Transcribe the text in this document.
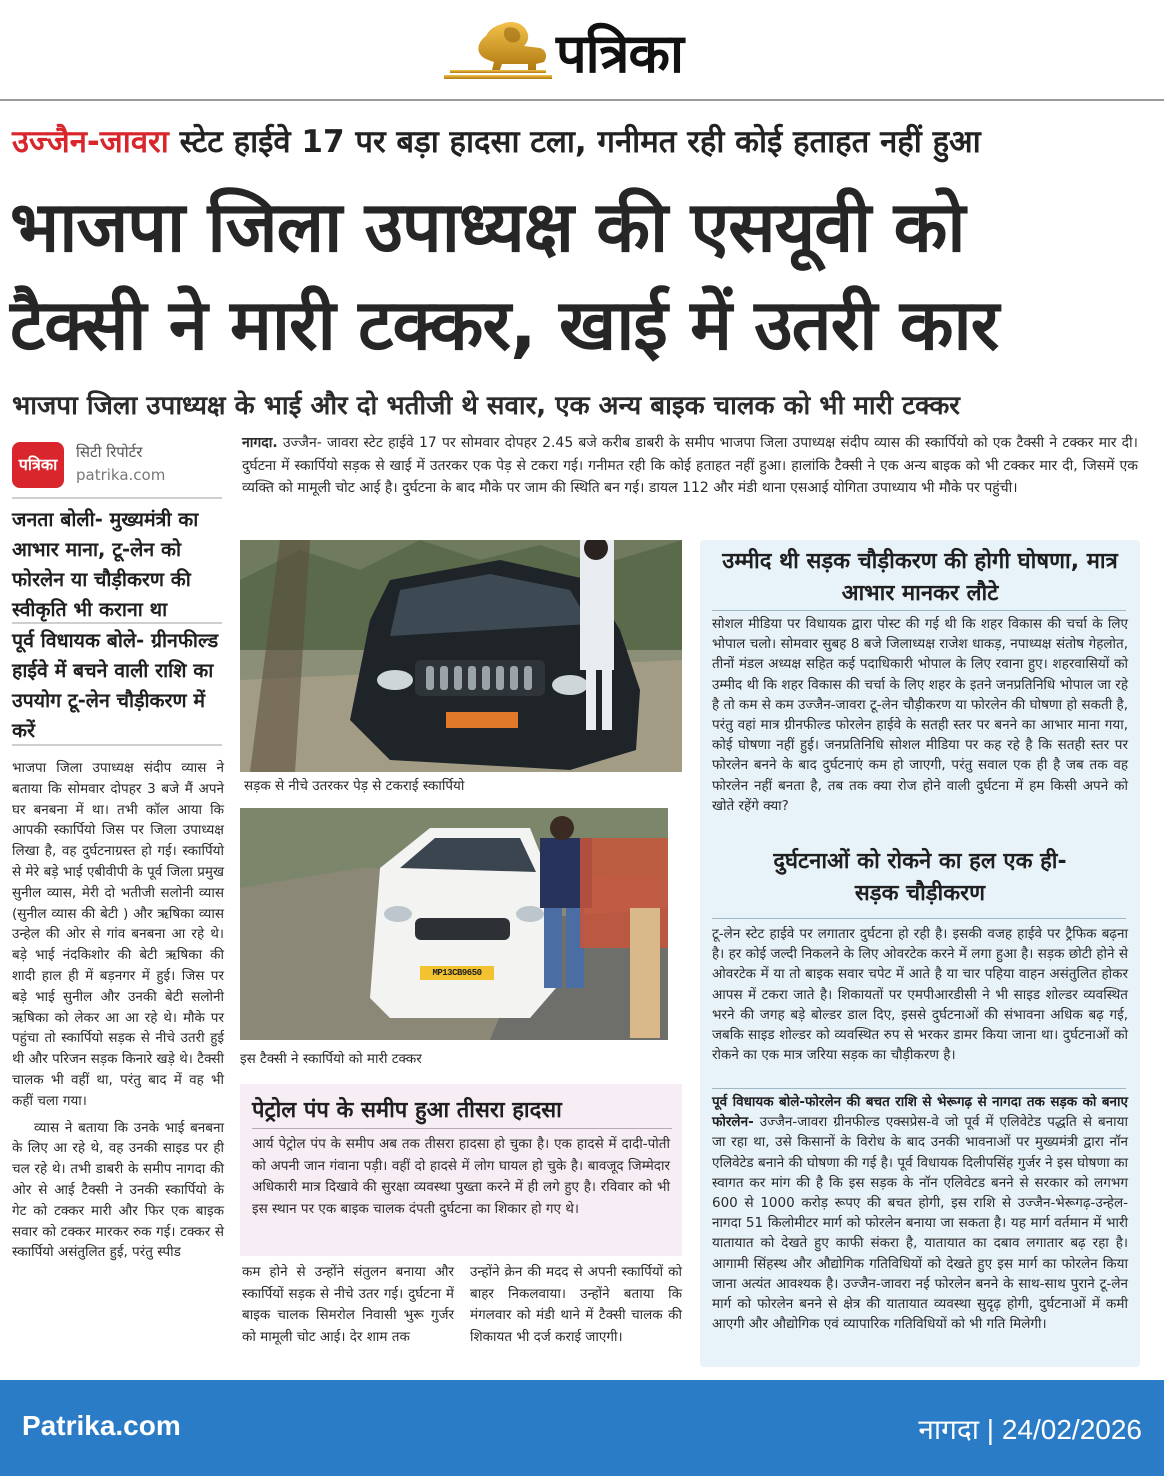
पत्रिका
उज्जैन-जावरा स्टेट हाईवे 17 पर बड़ा हादसा टला, गनीमत रही कोई हताहत नहीं हुआ
भाजपा जिला उपाध्यक्ष की एसयूवी को
टैक्सी ने मारी टक्कर, खाई में उतरी कार
भाजपा जिला उपाध्यक्ष के भाई और दो भतीजी थे सवार, एक अन्य बाइक चालक को भी मारी टक्कर
पत्रिका
सिटी रिपोर्टर
patrika.com
जनता बोली- मुख्यमंत्री का आभार माना, टू-लेन को फोरलेन या चौड़ीकरण की स्वीकृति भी कराना था
पूर्व विधायक बोले- ग्रीनफील्ड हाईवे में बचने वाली राशि का उपयोग टू-लेन चौड़ीकरण में करें
नागदा. उज्जैन- जावरा स्टेट हाईवे 17 पर सोमवार दोपहर 2.45 बजे करीब डाबरी के समीप भाजपा जिला उपाध्यक्ष संदीप व्यास की स्कार्पियो को एक टैक्सी ने टक्कर मार दी। दुर्घटना में स्कार्पियो सड़क से खाई में उतरकर एक पेड़ से टकरा गई। गनीमत रही कि कोई हताहत नहीं हुआ। हालांकि टैक्सी ने एक अन्य बाइक को भी टक्कर मार दी, जिसमें एक व्यक्ति को मामूली चोट आई है। दुर्घटना के बाद मौके पर जाम की स्थिति बन गई। डायल 112 और मंडी थाना एसआई योगिता उपाध्याय भी मौके पर पहुंची।

भाजपा जिला उपाध्यक्ष संदीप व्यास ने बताया कि सोमवार दोपहर 3 बजे मैं अपने घर बनबना में था। तभी कॉल आया कि आपकी स्कार्पियो जिस पर जिला उपाध्यक्ष लिखा है, वह दुर्घटनाग्रस्त हो गई। स्कार्पियो से मेरे बड़े भाई एबीवीपी के पूर्व जिला प्रमुख सुनील व्यास, मेरी दो भतीजी सलोनी व्यास (सुनील व्यास की बेटी ) और ऋषिका व्यास उन्हेल की ओर से गांव बनबना आ रहे थे। बड़े भाई नंदकिशोर की बेटी ऋषिका की शादी हाल ही में बड़नगर में हुई। जिस पर बड़े भाई सुनील और उनकी बेटी सलोनी ऋषिका को लेकर आ आ रहे थे। मौके पर पहुंचा तो स्कार्पियो सड़क से नीचे उतरी हुई थी और परिजन सड़क किनारे खड़े थे। टैक्सी चालक भी वहीं था, परंतु बाद में वह भी कहीं चला गया।

व्यास ने बताया कि उनके भाई बनबना के लिए आ रहे थे, वह उनकी साइड पर ही चल रहे थे। तभी डाबरी के समीप नागदा की ओर से आई टैक्सी ने उनकी स्कार्पियो के गेट को टक्कर मारी और फिर एक बाइक सवार को टक्कर मारकर रुक गई। टक्कर से स्कार्पियो असंतुलित हुई, परंतु स्पीड

सड़क से नीचे उतरकर पेड़ से टकराई स्कार्पियो
MP13CB9650
इस टैक्सी ने स्कार्पियो को मारी टक्कर
पेट्रोल पंप के समीप हुआ तीसरा हादसा
आर्य पेट्रोल पंप के समीप अब तक तीसरा हादसा हो चुका है। एक हादसे में दादी-पोती को अपनी जान गंवाना पड़ी। वहीं दो हादसे में लोग घायल हो चुके है। बावजूद जिम्मेदार अधिकारी मात्र दिखावे की सुरक्षा व्यवस्था पुख्ता करने में ही लगे हुए है। रविवार को भी इस स्थान पर एक बाइक चालक दंपती दुर्घटना का शिकार हो गए थे।
कम होने से उन्होंने संतुलन बनाया और स्कार्पियों सड़क से नीचे उतर गई। दुर्घटना में बाइक चालक सिमरोल निवासी भुरू गुर्जर को मामूली चोट आई। देर शाम तक
उन्होंने क्रेन की मदद से अपनी स्कार्पियों को बाहर निकलवाया। उन्होंने बताया कि मंगलवार को मंडी थाने में टैक्सी चालक की शिकायत भी दर्ज कराई जाएगी।
उम्मीद थी सड़क चौड़ीकरण की होगी घोषणा, मात्र आभार मानकर लौटे
सोशल मीडिया पर विधायक द्वारा पोस्ट की गई थी कि शहर विकास की चर्चा के लिए भोपाल चलो। सोमवार सुबह 8 बजे जिलाध्यक्ष राजेश धाकड़, नपाध्यक्ष संतोष गेहलोत, तीनों मंडल अध्यक्ष सहित कई पदाधिकारी भोपाल के लिए रवाना हुए। शहरवासियों को उम्मीद थी कि शहर विकास की चर्चा के लिए शहर के इतने जनप्रतिनिधि भोपाल जा रहे है तो कम से कम उज्जैन-जावरा टू-लेन चौड़ीकरण या फोरलेन की घोषणा हो सकती है, परंतु वहां मात्र ग्रीनफील्ड फोरलेन हाईवे के सतही स्तर पर बनने का आभार माना गया, कोई घोषणा नहीं हुई। जनप्रतिनिधि सोशल मीडिया पर कह रहे है कि सतही स्तर पर फोरलेन बनने के बाद दुर्घटनाएं कम हो जाएगी, परंतु सवाल एक ही है जब तक वह फोरलेन नहीं बनता है, तब तक क्या रोज होने वाली दुर्घटना में हम किसी अपने को खोते रहेंगे क्या?
दुर्घटनाओं को रोकने का हल एक ही- सड़क चौड़ीकरण
टू-लेन स्टेट हाईवे पर लगातार दुर्घटना हो रही है। इसकी वजह हाईवे पर ट्रैफिक बढ़ना है। हर कोई जल्दी निकलने के लिए ओवरटेक करने में लगा हुआ है। सड़क छोटी होने से ओवरटेक में या तो बाइक सवार चपेट में आते है या चार पहिया वाहन असंतुलित होकर आपस में टकरा जाते है। शिकायतों पर एमपीआरडीसी ने भी साइड शोल्डर व्यवस्थित भरने की जगह बड़े बोल्डर डाल दिए, इससे दुर्घटनाओं की संभावना अधिक बढ़ गई, जबकि साइड शोल्डर को व्यवस्थित रुप से भरकर डामर किया जाना था। दुर्घटनाओं को रोकने का एक मात्र जरिया सड़क का चौड़ीकरण है।
पूर्व विधायक बोले-फोरलेन की बचत राशि से भेरूगढ़ से नागदा तक सड़क को बनाए फोरलेन- उज्जैन-जावरा ग्रीनफील्ड एक्सप्रेस-वे जो पूर्व में एलिवेटेड पद्धति से बनाया जा रहा था, उसे किसानों के विरोध के बाद उनकी भावनाओं पर मुख्यमंत्री द्वारा नॉन एलिवेटेड बनाने की घोषणा की गई है। पूर्व विधायक दिलीपसिंह गुर्जर ने इस घोषणा का स्वागत कर मांग की है कि इस सड़क के नॉन एलिवेटड बनने से सरकार को लगभग 600 से 1000 करोड़ रूपए की बचत होगी, इस राशि से उज्जैन-भेरूगढ़-उन्हेल-नागदा 51 किलोमीटर मार्ग को फोरलेन बनाया जा सकता है। यह मार्ग वर्तमान में भारी यातायात को देखते हुए काफी संकरा है, यातायात का दबाव लगातार बढ़ रहा है। आगामी सिंहस्थ और औद्योगिक गतिविधियों को देखते हुए इस मार्ग का फोरलेन किया जाना अत्यंत आवश्यक है। उज्जैन-जावरा नई फोरलेन बनने के साथ-साथ पुराने टू-लेन मार्ग को फोरलेन बनने से क्षेत्र की यातायात व्यवस्था सुदृढ़ होगी, दुर्घटनाओं में कमी आएगी और औद्योगिक एवं व्यापारिक गतिविधियों को भी गति मिलेगी।
Patrika.com	नागदा | 24/02/2026
